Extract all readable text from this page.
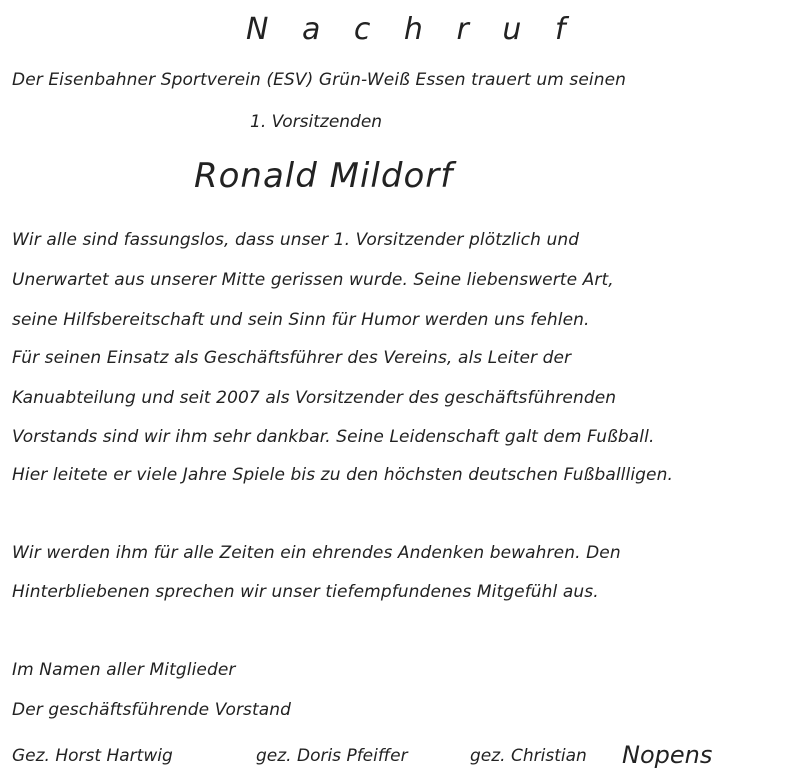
N a c h r u f
Der Eisenbahner Sportverein (ESV) Grün-Weiß Essen trauert um seinen
1. Vorsitzenden
Ronald Mildorf
Wir alle sind fassungslos, dass unser 1. Vorsitzender plötzlich und
Unerwartet aus unserer Mitte gerissen wurde. Seine liebenswerte Art,
seine Hilfsbereitschaft und sein Sinn für Humor werden uns fehlen.
Für seinen Einsatz als Geschäftsführer des Vereins, als Leiter der
Kanuabteilung und seit 2007 als Vorsitzender des geschäftsführenden
Vorstands sind wir ihm sehr dankbar. Seine Leidenschaft galt dem Fußball.
Hier leitete er viele Jahre Spiele bis zu den höchsten deutschen Fußballligen.
Wir werden ihm für alle Zeiten ein ehrendes Andenken bewahren. Den
Hinterbliebenen sprechen wir unser tiefempfundenes Mitgefühl aus.
Im Namen aller Mitglieder
Der geschäftsführende Vorstand
Gez. Horst Hartwig	gez. Doris Pfeiffer	gez. Christian Nopens
